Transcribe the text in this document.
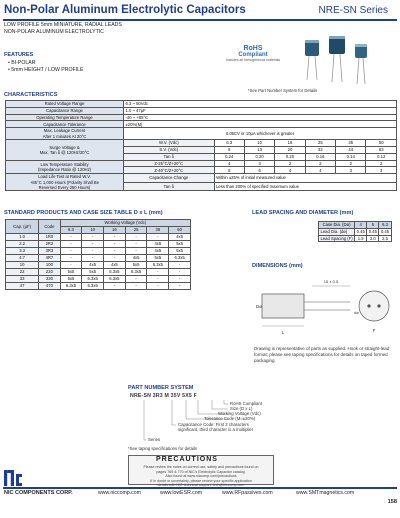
Non-Polar Aluminum Electrolytic Capacitors	NRE-SN Series
LOW PROFILE 5mm MINIATURE, RADIAL LEADS
NON-POLAR ALUMINUM ELECTROLYTIC
FEATURES
• BI-POLAR
• 5mm HEIGHT / LOW PROFILE
RoHS
Compliant
Includes all homogeneous materials
*See Part Number System for Details
CHARACTERISTICS
Rated Voltage Range	6.3 ~ 50Vdc						
Capacitance Range	1.0 ~ 47μF						
Operating Temperature Range	-40 ~ +85°C						
Capacitance Tolerance	±20%(M)						
Max. Leakage Current
After 1 minutes At 20°C	0.05CV or 10μA whichever is greater						
Surge Voltage &
Max. Tan δ @ 120Hz/20°C	W.V. (Vdc)	6.3	10	16	25	35	50
	S.V. (Vdc)	8	13	20	32	44	63
	Tan δ	0.24	0.20	0.20	0.16	0.14	0.12
Low Temperature Stability
(Impedance Ratio @ 120Hz)	Z-25°C/Z+20°C	4	3	2	2	2	2
	Z-40°C/Z+20°C	8	6	4	4	3	3
Load Life Test at Rated W.V.
+85°C 1,000 Hours (Polarity Shall Be
Reversed Every 250 Hours)	Capacitance Change	Within ±25% of initial measured value					
	Tan δ	Less than 200% of specified maximum value					
STANDARD PRODUCTS AND CASE SIZE TABLE D x L (mm)
Cap. (μF)	Code	Working Voltage (Vdc)					
		6.3	10	16	25	35	50
1.0	1R0	-	-	-	-	-	4x5
2.2	2R2	-	-	-	-	4x5	5x5
3.3	3R3	-	-	-	-	4x5	5x5
4.7	4R7	-	-	-	4x5	5x5	6.3x5
10	100	-	4x5	4x5	5x5	6.3x5	-
22	220	5x5	5x5	6.3x5	6.3x5	-	-
33	330	5x5	6.3x5	6.3x5	-	-	-
47	470	6.3x5	6.3x5	-	-	-	-
LEAD SPACING AND DIAMETER (mm)
Case Dia. (Dø)	4	5	6.3
Lead Dia. (dø)	0.45	0.45	0.45
Lead Spacing (F)	1.5	2.0	2.5
DIMENSIONS (mm)
L
15 ± 0.5
Dø
F
dø
Drawing is representative of parts as supplied. Hook or straight-lead format; please see taping specifications for details on taped formed packaging.
PART NUMBER SYSTEM
NRE-SN 3R3 M 35V 5X5 F
RoHS Compliant
Size (D x L)
Working Voltage (Vdc)
Tolerance Code (M=±20%)
Capacitance Code: First 2 characters
significant, third character is a multiplier
Series
*See taping specifications for details
PRECAUTIONS
Please review the notes on correct use, safety and precautions found on
pages 769 & 770 of NIC's Electrolytic Capacitor catalog.
Also found at www.niccomp.com/precautions
If in doubt or uncertainty, please review your specific application
details with NIC technical support: tech@niccomp.com
NIC COMPONENTS CORP.	www.niccomp.com	www.lowESR.com	www.RFpassives.com	www.SMTmagnetics.com
158
